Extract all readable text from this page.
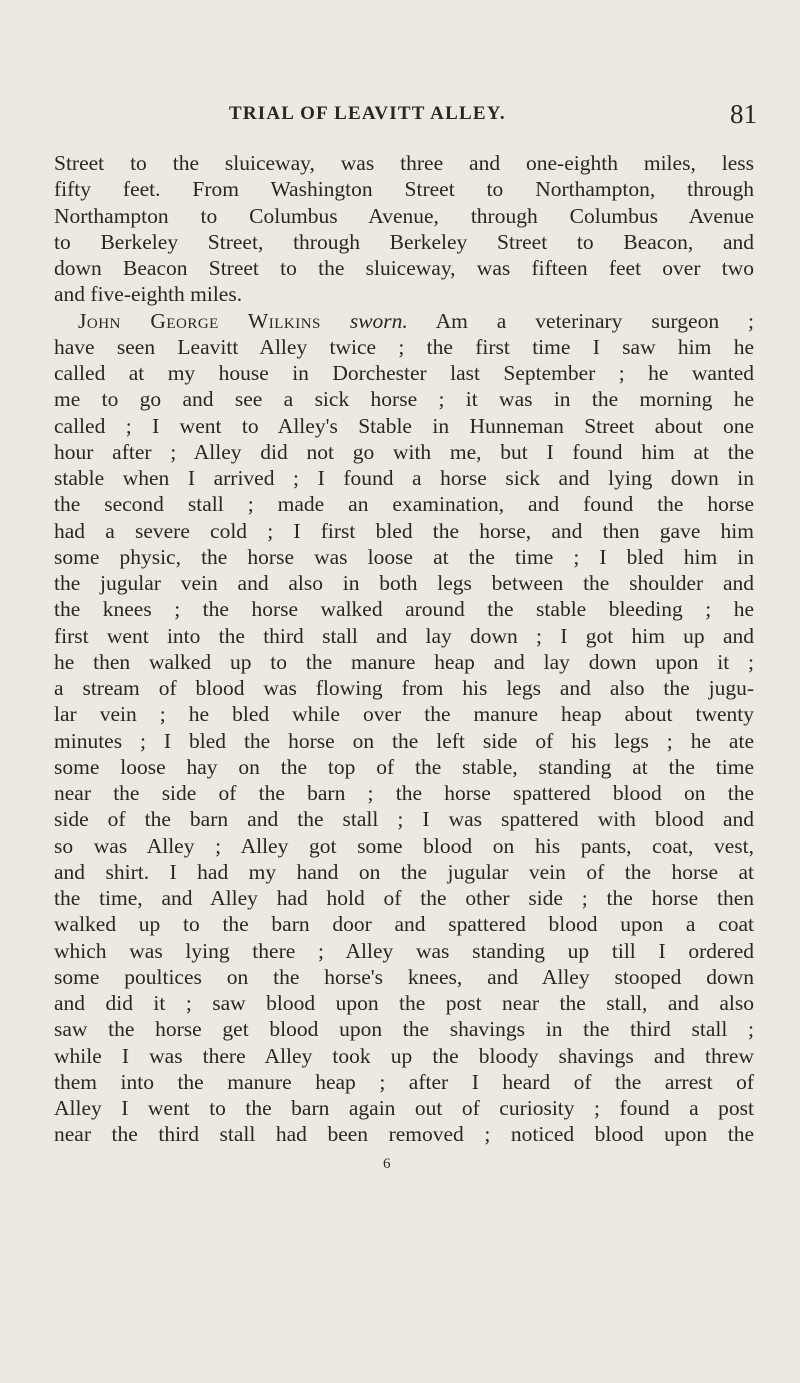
TRIAL OF LEAVITT ALLEY.	81
Street to the sluiceway, was three and one-eighth miles, less
fifty feet. From Washington Street to Northampton, through
Northampton to Columbus Avenue, through Columbus Avenue
to Berkeley Street, through Berkeley Street to Beacon, and
down Beacon Street to the sluiceway, was fifteen feet over two
and five-eighth miles.
John George Wilkins sworn. Am a veterinary surgeon ;
have seen Leavitt Alley twice ; the first time I saw him he
called at my house in Dorchester last September ; he wanted
me to go and see a sick horse ; it was in the morning he
called ; I went to Alley's Stable in Hunneman Street about one
hour after ; Alley did not go with me, but I found him at the
stable when I arrived ; I found a horse sick and lying down in
the second stall ; made an examination, and found the horse
had a severe cold ; I first bled the horse, and then gave him
some physic, the horse was loose at the time ; I bled him in
the jugular vein and also in both legs between the shoulder and
the knees ; the horse walked around the stable bleeding ; he
first went into the third stall and lay down ; I got him up and
he then walked up to the manure heap and lay down upon it ;
a stream of blood was flowing from his legs and also the jugu-
lar vein ; he bled while over the manure heap about twenty
minutes ; I bled the horse on the left side of his legs ; he ate
some loose hay on the top of the stable, standing at the time
near the side of the barn ; the horse spattered blood on the
side of the barn and the stall ; I was spattered with blood and
so was Alley ; Alley got some blood on his pants, coat, vest,
and shirt. I had my hand on the jugular vein of the horse at
the time, and Alley had hold of the other side ; the horse then
walked up to the barn door and spattered blood upon a coat
which was lying there ; Alley was standing up till I ordered
some poultices on the horse's knees, and Alley stooped down
and did it ; saw blood upon the post near the stall, and also
saw the horse get blood upon the shavings in the third stall ;
while I was there Alley took up the bloody shavings and threw
them into the manure heap ; after I heard of the arrest of
Alley I went to the barn again out of curiosity ; found a post
near the third stall had been removed ; noticed blood upon the
6
